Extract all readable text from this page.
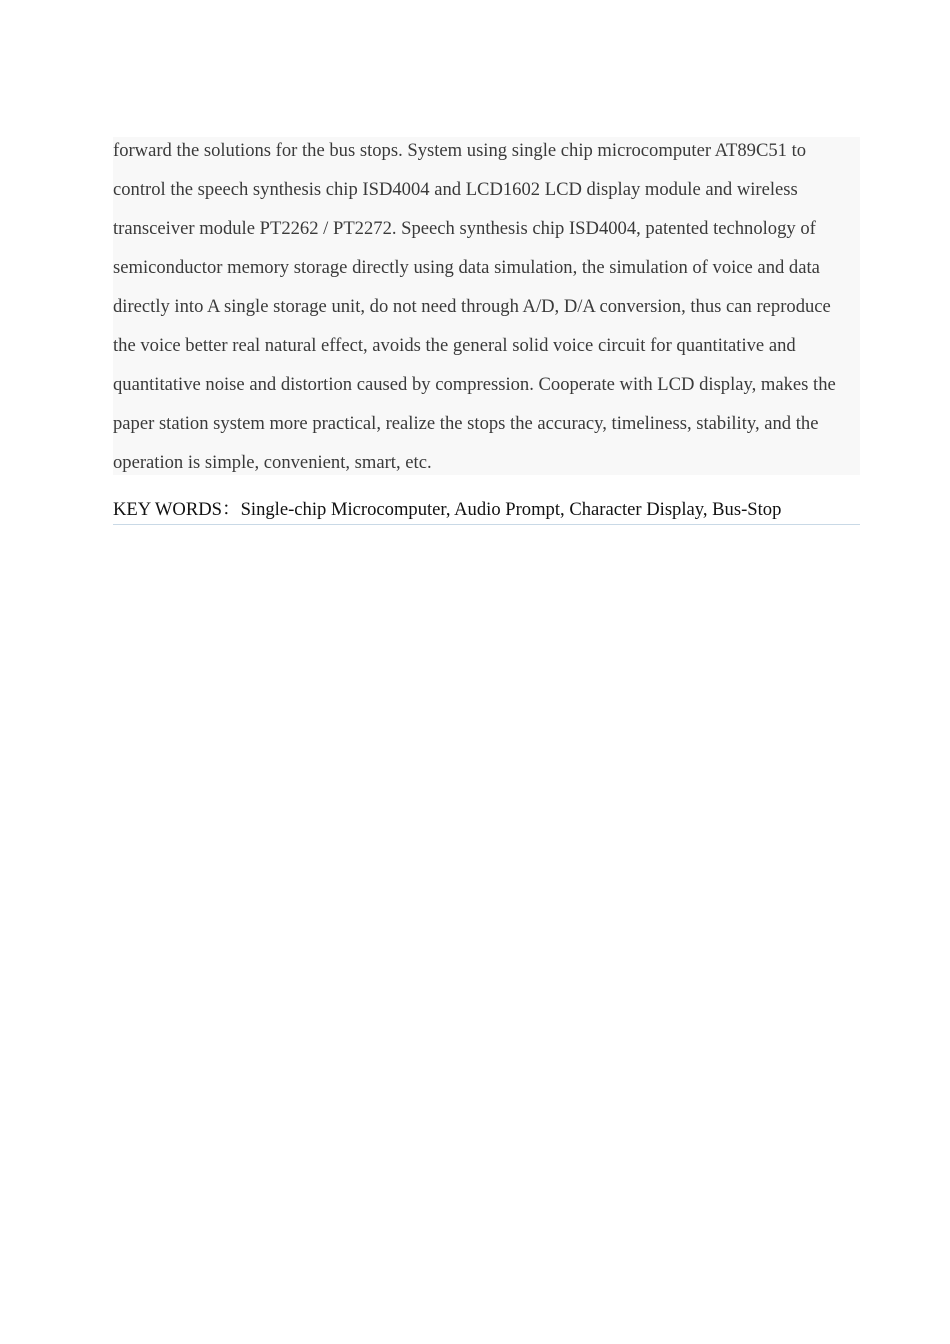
forward the solutions for the bus stops. System using single chip microcomputer AT89C51 to
control the speech synthesis chip ISD4004 and LCD1602 LCD display module and wireless
transceiver module PT2262 / PT2272. Speech synthesis chip ISD4004, patented technology of
semiconductor memory storage directly using data simulation, the simulation of voice and data
directly into A single storage unit, do not need through A/D, D/A conversion, thus can reproduce
the voice better real natural effect, avoids the general solid voice circuit for quantitative and
quantitative noise and distortion caused by compression. Cooperate with LCD display, makes the
paper station system more practical, realize the stops the accuracy, timeliness, stability, and the
operation is simple, convenient, smart, etc.
KEY WORDS：Single-chip Microcomputer, Audio Prompt, Character Display, Bus-Stop
